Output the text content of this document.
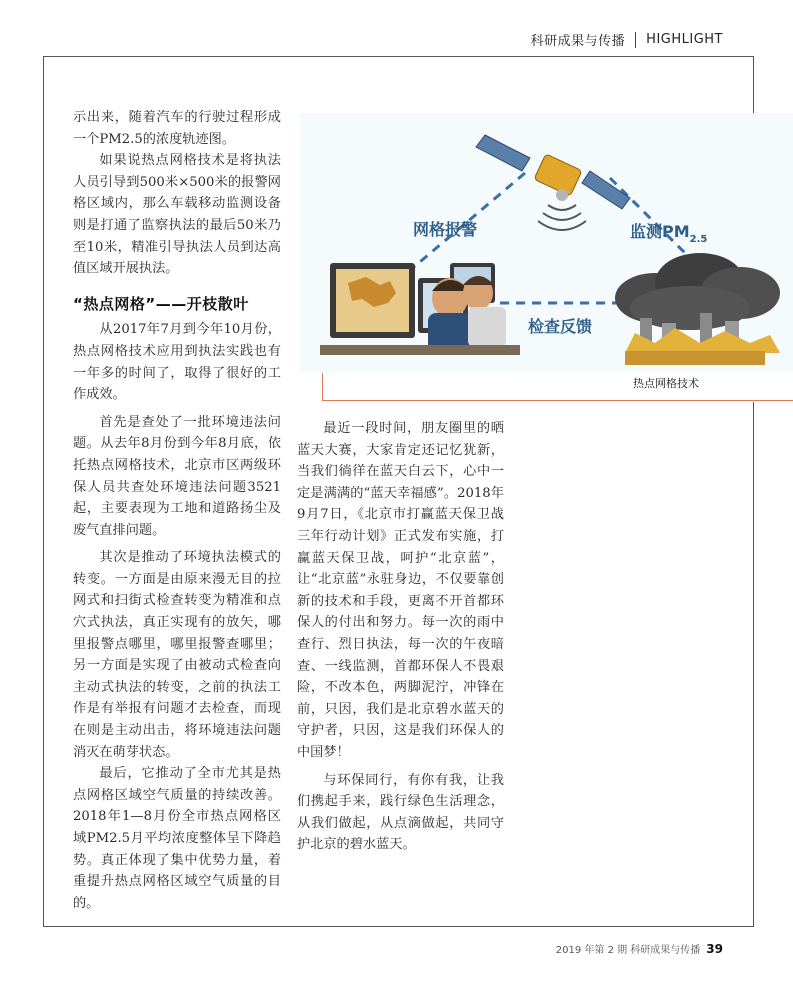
科研成果与传播 HIGHLIGHT

示出来，随着汽车的行驶过程形成一个PM2.5的浓度轨迹图。

如果说热点网格技术是将执法人员引导到500米×500米的报警网格区域内，那么车载移动监测设备则是打通了监察执法的最后50米乃至10米，精准引导执法人员到达高值区域开展执法。

“热点网格”——开枝散叶

从2017年7月到今年10月份，热点网格技术应用到执法实践也有一年多的时间了，取得了很好的工作成效。

首先是查处了一批环境违法问题。从去年8月份到今年8月底，依托热点网格技术，北京市区两级环保人员共查处环境违法问题3521起，主要表现为工地和道路扬尘及废气直排问题。

其次是推动了环境执法模式的转变。一方面是由原来漫无目的拉网式和扫街式检查转变为精准和点穴式执法，真正实现有的放矢，哪里报警点哪里，哪里报警查哪里；另一方面是实现了由被动式检查向主动式执法的转变，之前的执法工作是有举报有问题才去检查，而现在则是主动出击，将环境违法问题消灭在萌芽状态。

最后，它推动了全市尤其是热点网格区域空气质量的持续改善。2018年1—8月份全市热点网格区域PM2.5月平均浓度整体呈下降趋势。真正体现了集中优势力量，着重提升热点网格区域空气质量的目的。

网格报警	监测$PM_{2.5}$
检查反馈
热点网格技术

最近一段时间，朋友圈里的晒蓝天大赛，大家肯定还记忆犹新，当我们徜徉在蓝天白云下，心中一定是满满的“蓝天幸福感”。2018年9月7日，《北京市打赢蓝天保卫战三年行动计划》正式发布实施，打赢蓝天保卫战，呵护“北京蓝”，让“北京蓝”永驻身边，不仅要靠创新的技术和手段，更离不开首都环保人的付出和努力。每一次的雨中查行、烈日执法，每一次的午夜暗查、一线监测，首都环保人不畏艰险，不改本色，两脚泥泞，冲锋在前，只因，我们是北京碧水蓝天的守护者，只因，这是我们环保人的中国梦！

与环保同行，有你有我，让我们携起手来，践行绿色生活理念，从我们做起，从点滴做起，共同守护北京的碧水蓝天。

2019 年第 2 期 科研成果与传播 39
